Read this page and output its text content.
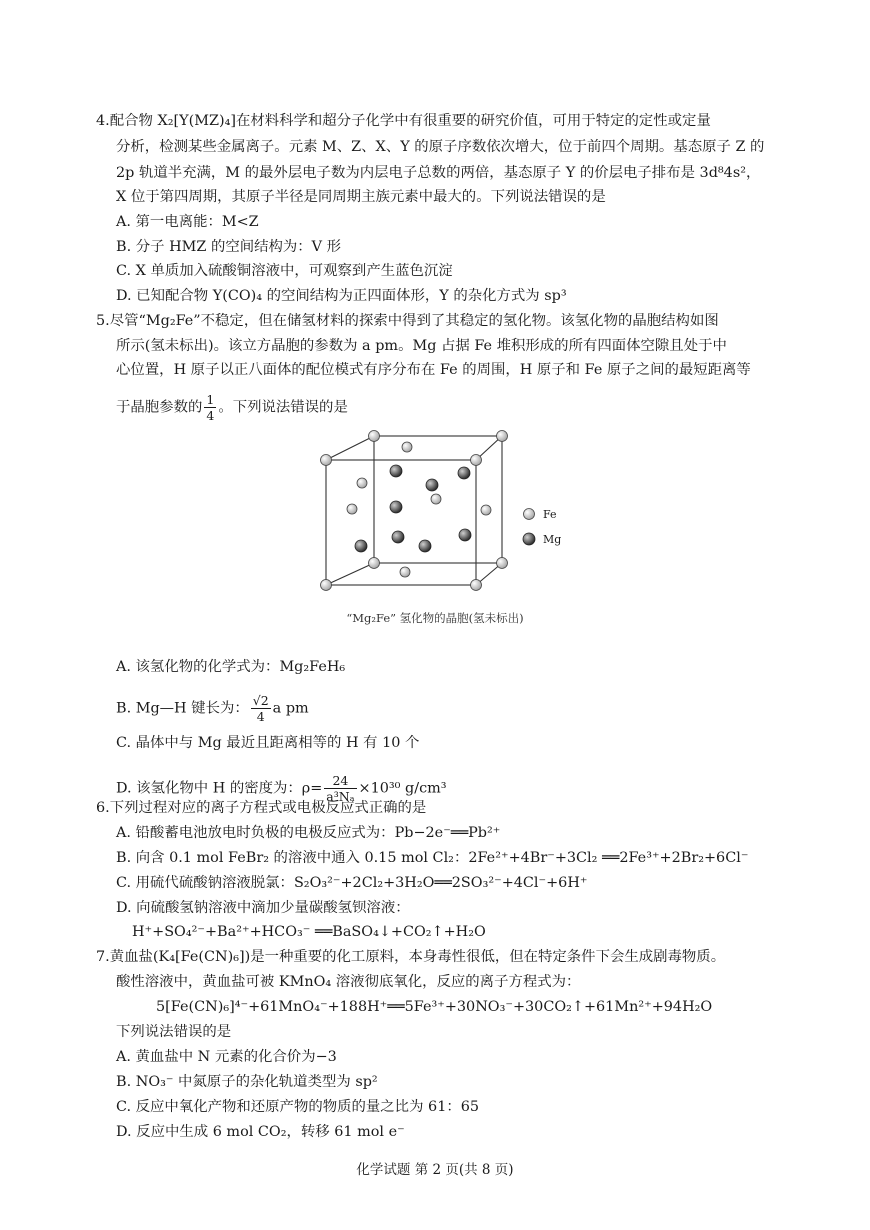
4.配合物 X₂[Y(MZ)₄]在材料科学和超分子化学中有很重要的研究价值，可用于特定的定性或定量
分析，检测某些金属离子。元素 M、Z、X、Y 的原子序数依次增大，位于前四个周期。基态原子 Z 的
2p 轨道半充满，M 的最外层电子数为内层电子总数的两倍，基态原子 Y 的价层电子排布是 3d⁸4s²，
X 位于第四周期，其原子半径是同周期主族元素中最大的。下列说法错误的是
A. 第一电离能：M<Z
B. 分子 HMZ 的空间结构为：V 形
C. X 单质加入硫酸铜溶液中，可观察到产生蓝色沉淀
D. 已知配合物 Y(CO)₄ 的空间结构为正四面体形，Y 的杂化方式为 sp³
5.尽管“Mg₂Fe”不稳定，但在储氢材料的探索中得到了其稳定的氢化物。该氢化物的晶胞结构如图
所示(氢未标出)。该立方晶胞的参数为 a pm。Mg 占据 Fe 堆积形成的所有四面体空隙且处于中
心位置，H 原子以正八面体的配位模式有序分布在 Fe 的周围，H 原子和 Fe 原子之间的最短距离等
于晶胞参数的 $\frac{1}{4}$ 。下列说法错误的是
Fe
Mg
“Mg₂Fe” 氢化物的晶胞(氢未标出)
A. 该氢化物的化学式为：Mg₂FeH₆
B. Mg—H 键长为： $\frac{√2}{4}$ a pm
C. 晶体中与 Mg 最近且距离相等的 H 有 10 个
D. 该氢化物中 H 的密度为：$\rho= \frac{24}{\text{a³Nₐ}} \times 10^{30}$ g/cm³
6.下列过程对应的离子方程式或电极反应式正确的是
A. 铅酸蓄电池放电时负极的电极反应式为：Pb−2e⁻══Pb²⁺
B. 向含 0.1 mol FeBr₂ 的溶液中通入 0.15 mol Cl₂：2Fe²⁺+4Br⁻+3Cl₂ ══2Fe³⁺+2Br₂+6Cl⁻
C. 用硫代硫酸钠溶液脱氯：S₂O₃²⁻+2Cl₂+3H₂O══2SO₃²⁻+4Cl⁻+6H⁺
D. 向硫酸氢钠溶液中滴加少量碳酸氢钡溶液：
H⁺+SO₄²⁻+Ba²⁺+HCO₃⁻ ══BaSO₄↓+CO₂↑+H₂O
7.黄血盐(K₄[Fe(CN)₆])是一种重要的化工原料，本身毒性很低，但在特定条件下会生成剧毒物质。
酸性溶液中，黄血盐可被 KMnO₄ 溶液彻底氧化，反应的离子方程式为：
5[Fe(CN)₆]⁴⁻+61MnO₄⁻+188H⁺══5Fe³⁺+30NO₃⁻+30CO₂↑+61Mn²⁺+94H₂O
下列说法错误的是
A. 黄血盐中 N 元素的化合价为−3
B. NO₃⁻ 中氮原子的杂化轨道类型为 sp²
C. 反应中氧化产物和还原产物的物质的量之比为 61：65
D. 反应中生成 6 mol CO₂，转移 61 mol e⁻
化学试题 第 2 页(共 8 页)
